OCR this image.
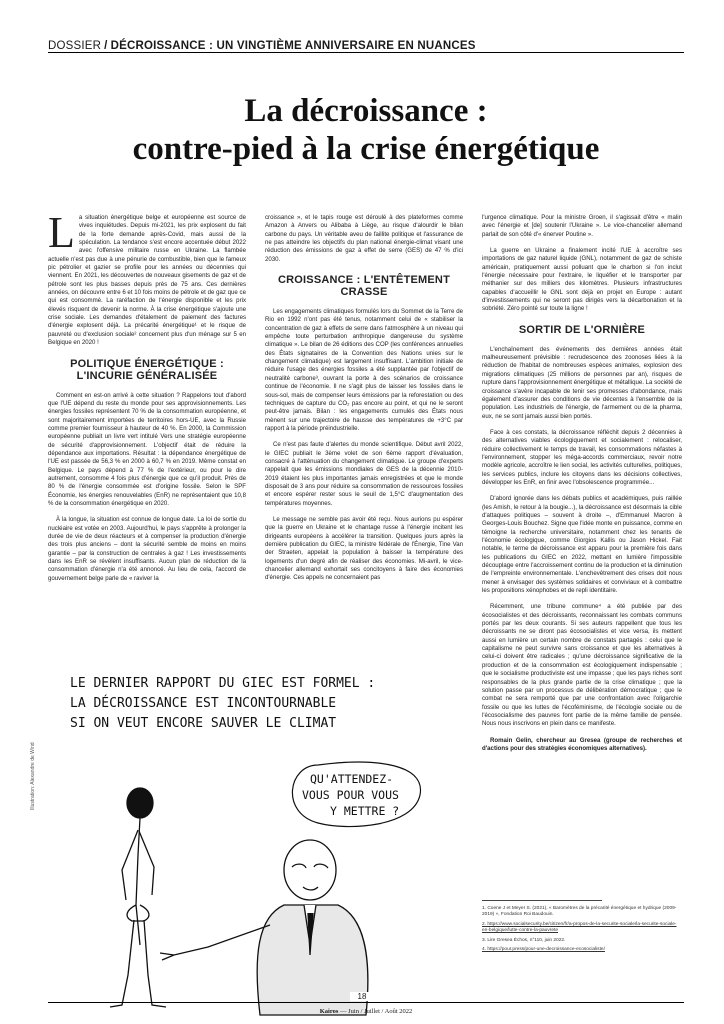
DOSSIER / DÉCROISSANCE : UN VINGTIÈME ANNIVERSAIRE EN NUANCES
La décroissance :
contre-pied à la crise énergétique

La situation énergétique belge et européenne est source de vives inquiétudes. Depuis mi-2021, les prix explosent du fait de la forte demande après-Covid, mais aussi de la spéculation. La tendance s'est encore accentuée début 2022 avec l'offensive militaire russe en Ukraine. La flambée actuelle n'est pas due à une pénurie de combustible, bien que le fameux pic pétrolier et gazier se profile pour les années ou décennies qui viennent. En 2021, les découvertes de nouveaux gisements de gaz et de pétrole sont les plus basses depuis près de 75 ans. Ces dernières années, on découvre entre 6 et 10 fois moins de pétrole et de gaz que ce qui est consommé. La raréfaction de l'énergie disponible et les prix élevés risquent de devenir la norme. À la crise énergétique s'ajoute une crise sociale. Les demandes d'étalement de paiement des factures d'énergie explosent déjà. La précarité énergétique¹ et le risque de pauvreté ou d'exclusion sociale² concernent plus d'un ménage sur 5 en Belgique en 2020 !

POLITIQUE ÉNERGÉTIQUE : L'INCURIE GÉNÉRALISÉE

Comment en est-on arrivé à cette situation ? Rappelons tout d'abord que l'UE dépend du reste du monde pour ses approvisionnements. Les énergies fossiles représentent 70 % de la consommation européenne, et sont majoritairement importées de territoires hors-UE, avec la Russie comme premier fournisseur à hauteur de 40 %. En 2000, la Commission européenne publiait un livre vert intitulé Vers une stratégie européenne de sécurité d'approvisionnement. L'objectif était de réduire la dépendance aux importations. Résultat : la dépendance énergétique de l'UE est passée de 56,3 % en 2000 à 60,7 % en 2019. Même constat en Belgique. Le pays dépend à 77 % de l'extérieur, ou pour le dire autrement, consomme 4 fois plus d'énergie que ce qu'il produit. Près de 80 % de l'énergie consommée est d'origine fossile. Selon le SPF Économie, les énergies renouvelables (EnR) ne représentaient que 10,8 % de la consommation énergétique en 2020.

À la longue, la situation est connue de longue date. La loi de sortie du nucléaire est votée en 2003. Aujourd'hui, le pays s'apprête à prolonger la durée de vie de deux réacteurs et à compenser la production d'énergie des trois plus anciens – dont la sécurité semble de moins en moins garantie – par la construction de centrales à gaz ! Les investissements dans les EnR se révèlent insuffisants. Aucun plan de réduction de la consommation d'énergie n'a été annoncé. Au lieu de cela, l'accord de gouvernement belge parle de « raviver la

croissance », et le tapis rouge est déroulé à des plateformes comme Amazon à Anvers ou Alibaba à Liège, au risque d'alourdir le bilan carbone du pays. Un véritable aveu de faillite politique et l'assurance de ne pas atteindre les objectifs du plan national énergie-climat visant une réduction des émissions de gaz à effet de serre (GES) de 47 % d'ici 2030.

CROISSANCE : L'ENTÊTEMENT CRASSE

Les engagements climatiques formulés lors du Sommet de la Terre de Rio en 1992 n'ont pas été tenus, notamment celui de « stabiliser la concentration de gaz à effets de serre dans l'atmosphère à un niveau qui empêche toute perturbation anthropique dangereuse du système climatique ». Le bilan de 26 éditions des COP (les conférences annuelles des États signataires de la Convention des Nations unies sur le changement climatique) est largement insuffisant. L'ambition initiale de réduire l'usage des énergies fossiles a été supplantée par l'objectif de neutralité carbone³, ouvrant la porte à des scénarios de croissance continue de l'économie. Il ne s'agit plus de laisser les fossiles dans le sous-sol, mais de compenser leurs émissions par la reforestation ou des techniques de capture du CO₂ pas encore au point, et qui ne le seront peut-être jamais. Bilan : les engagements cumulés des États nous mènent sur une trajectoire de hausse des températures de +3°C par rapport à la période préindustrielle.

Ce n'est pas faute d'alertes du monde scientifique. Début avril 2022, le GIEC publiait le 3ème volet de son 6ème rapport d'évaluation, consacré à l'atténuation du changement climatique. Le groupe d'experts rappelait que les émissions mondiales de GES de la décennie 2010-2019 étaient les plus importantes jamais enregistrées et que le monde disposait de 3 ans pour réduire sa consommation de ressources fossiles et encore espérer rester sous le seuil de 1,5°C d'augmentation des températures moyennes.

Le message ne semble pas avoir été reçu. Nous aurions pu espérer que la guerre en Ukraine et le chantage russe à l'énergie incitent les dirigeants européens à accélérer la transition. Quelques jours après la dernière publication du GIEC, la ministre fédérale de l'Énergie, Tine Van der Straeten, appelait la population à baisser la température des logements d'un degré afin de réaliser des économies. Mi-avril, le vice-chancelier allemand exhortait ses concitoyens à faire des économies d'énergie. Ces appels ne concernaient pas

l'urgence climatique. Pour la ministre Groen, il s'agissait d'être « malin avec l'énergie et [de] soutenir l'Ukraine ». Le vice-chancelier allemand parlait de son côté d'« énerver Poutine ».

La guerre en Ukraine a finalement incité l'UE à accroître ses importations de gaz naturel liquide (GNL), notamment de gaz de schiste américain, pratiquement aussi polluant que le charbon si l'on inclut l'énergie nécessaire pour l'extraire, le liquéfier et le transporter par méthanier sur des milliers des kilomètres. Plusieurs infrastructures capables d'accueillir le GNL sont déjà en projet en Europe : autant d'investissements qui ne seront pas dirigés vers la décarbonation et la sobriété. Zéro pointé sur toute la ligne !

SORTIR DE L'ORNIÈRE

L'enchaînement des événements des dernières années était malheureusement prévisible : recrudescence des zoonoses liées à la réduction de l'habitat de nombreuses espèces animales, explosion des migrations climatiques (25 millions de personnes par an), risques de rupture dans l'approvisionnement énergétique et métallique. La société de croissance s'avère incapable de tenir ses promesses d'abondance, mais également d'assurer des conditions de vie décentes à l'ensemble de la population. Les industriels de l'énergie, de l'armement ou de la pharma, eux, ne se sont jamais aussi bien portés.

Face à ces constats, la décroissance réfléchit depuis 2 décennies à des alternatives viables écologiquement et socialement : relocaliser, réduire collectivement le temps de travail, les consommations néfastes à l'environnement, stopper les méga-accords commerciaux, revoir notre modèle agricole, accroître le lien social, les activités culturelles, politiques, les services publics, inclure les citoyens dans les décisions collectives, développer les EnR, en finir avec l'obsolescence programmée...

D'abord ignorée dans les débats publics et académiques, puis raillée (les Amish, le retour à la bougie...), la décroissance est désormais la cible d'attaques politiques – souvent à droite –, d'Emmanuel Macron à Georges-Louis Bouchez. Signe que l'idée monte en puissance, comme en témoigne la recherche universitaire, notamment chez les tenants de l'économie écologique, comme Giorgios Kallis ou Jason Hickel. Fait notable, le terme de décroissance est apparu pour la première fois dans les publications du GIEC en 2022, mettant en lumière l'impossible découplage entre l'accroissement continu de la production et la diminution de l'empreinte environnementale. L'enchevêtrement des crises doit nous mener à envisager des systèmes solidaires et conviviaux et à combattre les propositions xénophobes et de repli identitaire.

Récemment, une tribune commune⁴ a été publiée par des écosocialistes et des décroissants, reconnaissant les combats communs portés par les deux courants. Si ses auteurs rappellent que tous les décroissants ne se diront pas écosocialistes et vice versa, ils mettent aussi en lumière un certain nombre de constats partagés : celui que le capitalisme ne peut survivre sans croissance et que les alternatives à celui-ci doivent être radicales ; qu'une décroissance significative de la production et de la consommation est écologiquement indispensable ; que le socialisme productiviste est une impasse ; que les pays riches sont responsables de la plus grande partie de la crise climatique ; que la solution passe par un processus de délibération démocratique ; que le combat ne sera remporté que par une confrontation avec l'oligarchie fossile ou que les luttes de l'écoféminisme, de l'écologie sociale ou de l'écosocialisme des pauvres font partie de la même famille de pensée. Nous nous inscrivons en plein dans ce manifeste.

Romain Gelin, chercheur au Gresea (groupe de recherches et d'actions pour des stratégies économiques alternatives).

Illustration: Alexandre de Wind
LE DERNIER RAPPORT DU GIEC EST FORMEL :
LA DÉCROISSANCE EST INCONTOURNABLE
SI ON VEUT ENCORE SAUVER LE CLIMAT
QU'ATTENDEZ-
VOUS POUR VOUS
Y METTRE ?
1. Coene J et Meyer S. (2021), « Baromètres de la précarité énergétique et hydrique (2009-2019) », Fondation Roi Baudouin.
2. https://www.socialsecurity.be/citizen/fr/a-propos-de-la-securite-sociale/la-securite-sociale-en-belgique/lutte-contre-la-pauvrete
3. Lire Gresea Échos, n°110, juin 2022.
4. https://pour.press/pour-une-decroissance-ecosocialiste/
18
Kairos — Juin / Juillet / Août 2022
